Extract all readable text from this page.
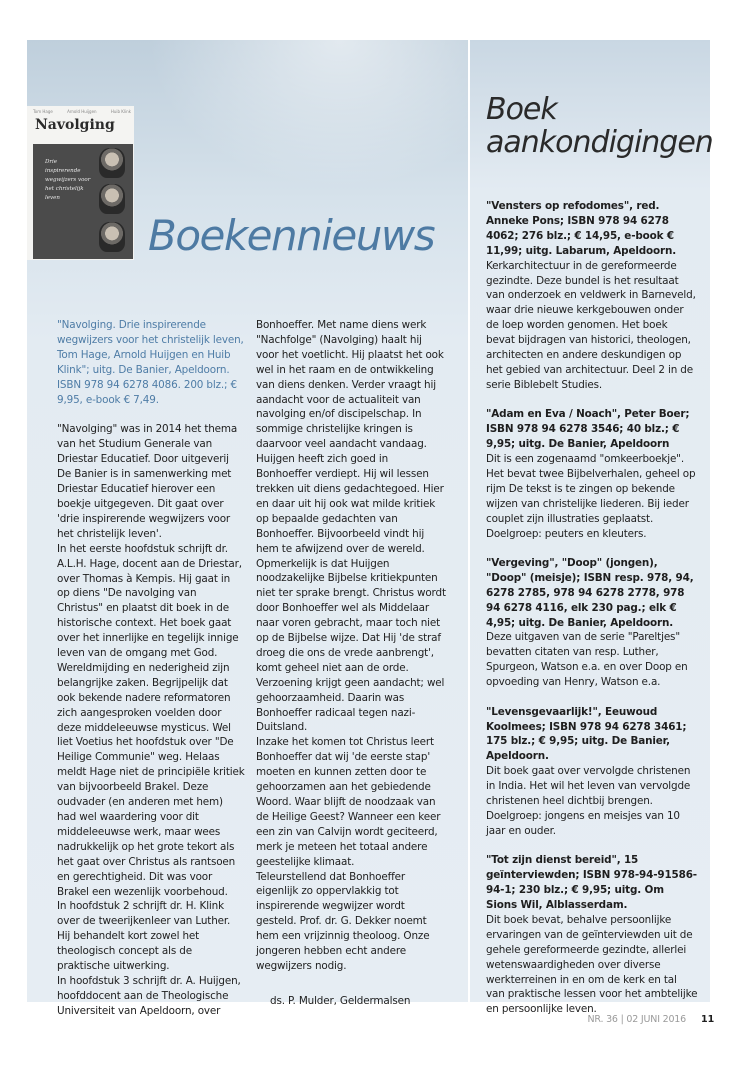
Tom Hage	Arnold Huijgen	Huib Klink
Navolging
Drie inspirerende wegwijzers voor het christelijk leven
Boekennieuws
Boek aankondigingen

"Navolging. Drie inspirerende wegwijzers voor het christelijk leven, Tom Hage, Arnold Huijgen en Huib Klink"; uitg. De Banier, Apeldoorn. ISBN 978 94 6278 4086. 200 blz.; € 9,95, e-book € 7,49.

"Navolging" was in 2014 het thema van het Studium Generale van Driestar Educatief. Door uitgeverij De Banier is in samenwerking met Driestar Educatief hierover een boekje uitgegeven. Dit gaat over 'drie inspirerende wegwijzers voor het christelijk leven'.
In het eerste hoofdstuk schrijft dr. A.L.H. Hage, docent aan de Driestar, over Thomas à Kempis. Hij gaat in op diens "De navolging van Christus" en plaatst dit boek in de historische context. Het boek gaat over het innerlijke en tegelijk innige leven van de omgang met God. Wereldmijding en nederigheid zijn belangrijke zaken. Begrijpelijk dat ook bekende nadere reformatoren zich aangesproken voelden door deze middeleeuwse mysticus. Wel liet Voetius het hoofdstuk over "De Heilige Communie" weg. Helaas meldt Hage niet de principiële kritiek van bijvoorbeeld Brakel. Deze oudvader (en anderen met hem) had wel waardering voor dit middeleeuwse werk, maar wees nadrukkelijk op het grote tekort als het gaat over Christus als rantsoen en gerechtigheid. Dit was voor Brakel een wezenlijk voorbehoud.
In hoofdstuk 2 schrijft dr. H. Klink over de tweerijkenleer van Luther. Hij behandelt kort zowel het theologisch concept als de praktische uitwerking.
In hoofdstuk 3 schrijft dr. A. Huijgen, hoofddocent aan de Theologische Universiteit van Apeldoorn, over

Bonhoeffer. Met name diens werk "Nachfolge" (Navolging) haalt hij voor het voetlicht. Hij plaatst het ook wel in het raam en de ontwikkeling van diens denken. Verder vraagt hij aandacht voor de actualiteit van navolging en/of discipelschap. In sommige christelijke kringen is daarvoor veel aandacht vandaag.
Huijgen heeft zich goed in Bonhoeffer verdiept. Hij wil lessen trekken uit diens gedachtegoed. Hier en daar uit hij ook wat milde kritiek op bepaalde gedachten van Bonhoeffer. Bijvoorbeeld vindt hij hem te afwijzend over de wereld. Opmerkelijk is dat Huijgen noodzakelijke Bijbelse kritiekpunten niet ter sprake brengt. Christus wordt door Bonhoeffer wel als Middelaar naar voren gebracht, maar toch niet op de Bijbelse wijze. Dat Hij 'de straf droeg die ons de vrede aanbrengt', komt geheel niet aan de orde. Verzoening krijgt geen aandacht; wel gehoorzaamheid. Daarin was Bonhoeffer radicaal tegen nazi-Duitsland.
Inzake het komen tot Christus leert Bonhoeffer dat wij 'de eerste stap' moeten en kunnen zetten door te gehoorzamen aan het gebiedende Woord. Waar blijft de noodzaak van de Heilige Geest? Wanneer een keer een zin van Calvijn wordt geciteerd, merk je meteen het totaal andere geestelijke klimaat.
Teleurstellend dat Bonhoeffer eigenlijk zo oppervlakkig tot inspirerende wegwijzer wordt gesteld. Prof. dr. G. Dekker noemt hem een vrijzinnig theoloog. Onze jongeren hebben echt andere wegwijzers nodig.

ds. P. Mulder, Geldermalsen

"Vensters op refodomes", red. Anneke Pons; ISBN 978 94 6278 4062; 276 blz.; € 14,95, e-book € 11,99; uitg. Labarum, Apeldoorn.

Kerkarchitectuur in de gereformeerde gezindte. Deze bundel is het resultaat van onderzoek en veldwerk in Barneveld, waar drie nieuwe kerkgebouwen onder de loep worden genomen. Het boek bevat bijdragen van historici, theologen, architecten en andere deskundigen op het gebied van architectuur. Deel 2 in de serie Biblebelt Studies.

"Adam en Eva / Noach", Peter Boer; ISBN 978 94 6278 3546; 40 blz.; € 9,95; uitg. De Banier, Apeldoorn

Dit is een zogenaamd "omkeerboekje". Het bevat twee Bijbelverhalen, geheel op rijm De tekst is te zingen op bekende wijzen van christelijke liederen. Bij ieder couplet zijn illustraties geplaatst. Doelgroep: peuters en kleuters.

"Vergeving", "Doop" (jongen), "Doop" (meisje); ISBN resp. 978, 94, 6278 2785, 978 94 6278 2778, 978 94 6278 4116, elk 230 pag.; elk € 4,95; uitg. De Banier, Apeldoorn.

Deze uitgaven van de serie "Pareltjes" bevatten citaten van resp. Luther, Spurgeon, Watson e.a. en over Doop en opvoeding van Henry, Watson e.a.

"Levensgevaarlijk!", Eeuwoud Koolmees; ISBN 978 94 6278 3461; 175 blz.; € 9,95; uitg. De Banier, Apeldoorn.

Dit boek gaat over vervolgde christenen in India. Het wil het leven van vervolgde christenen heel dichtbij brengen. Doelgroep: jongens en meisjes van 10 jaar en ouder.

"Tot zijn dienst bereid", 15 geïnterviewden; ISBN 978-94-91586-94-1; 230 blz.; € 9,95; uitg. Om Sions Wil, Alblasserdam.

Dit boek bevat, behalve persoonlijke ervaringen van de geïnterviewden uit de gehele gereformeerde gezindte, allerlei wetenswaardigheden over diverse werkterreinen in en om de kerk en tal van praktische lessen voor het ambtelijke en persoonlijke leven.

NR. 36 | 02 JUNI 2016 11
